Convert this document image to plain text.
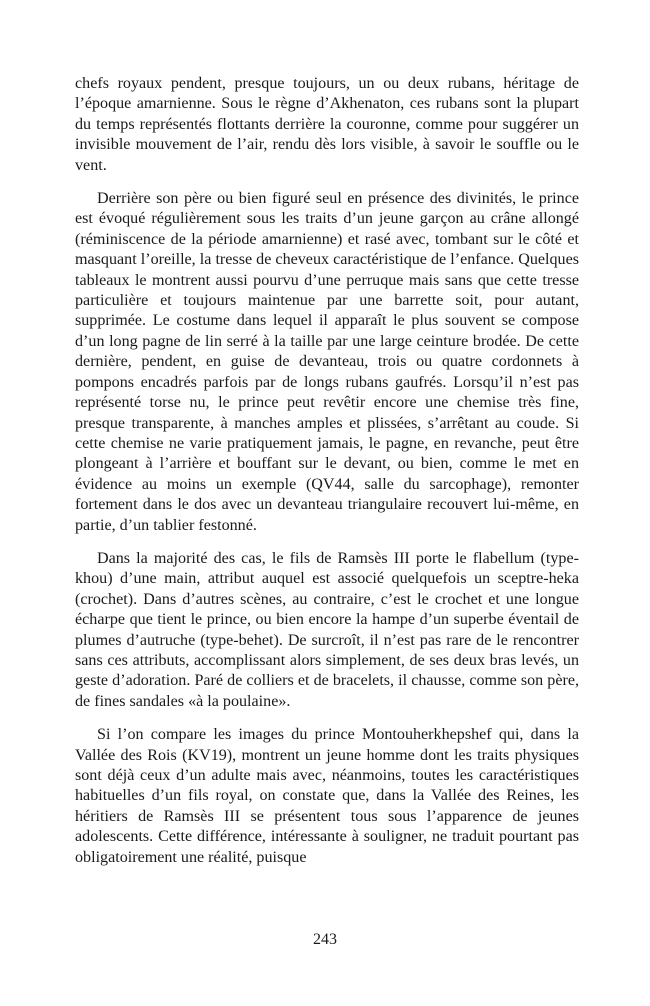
chefs royaux pendent, presque toujours, un ou deux rubans, héritage de l’époque amarnienne. Sous le règne d’Akhenaton, ces rubans sont la plupart du temps représentés flottants derrière la couronne, comme pour suggérer un invisible mouvement de l’air, rendu dès lors visible, à savoir le souffle ou le vent.

Derrière son père ou bien figuré seul en présence des divinités, le prince est évoqué régulièrement sous les traits d’un jeune garçon au crâne allongé (réminiscence de la période amarnienne) et rasé avec, tombant sur le côté et masquant l’oreille, la tresse de cheveux caractéristique de l’enfance. Quelques tableaux le montrent aussi pourvu d’une perruque mais sans que cette tresse particulière et toujours maintenue par une barrette soit, pour autant, supprimée. Le costume dans lequel il apparaît le plus souvent se compose d’un long pagne de lin serré à la taille par une large ceinture brodée. De cette dernière, pendent, en guise de devanteau, trois ou quatre cordonnets à pompons encadrés parfois par de longs rubans gaufrés. Lorsqu’il n’est pas représenté torse nu, le prince peut revêtir encore une chemise très fine, presque transparente, à manches amples et plissées, s’arrêtant au coude. Si cette chemise ne varie pratiquement jamais, le pagne, en revanche, peut être plongeant à l’arrière et bouffant sur le devant, ou bien, comme le met en évidence au moins un exemple (QV44, salle du sarcophage), remonter fortement dans le dos avec un devanteau triangulaire recouvert lui-même, en partie, d’un tablier festonné.

Dans la majorité des cas, le fils de Ramsès III porte le flabellum (type-khou) d’une main, attribut auquel est associé quelquefois un sceptre-heka (crochet). Dans d’autres scènes, au contraire, c’est le crochet et une longue écharpe que tient le prince, ou bien encore la hampe d’un superbe éventail de plumes d’autruche (type-behet). De surcroît, il n’est pas rare de le rencontrer sans ces attributs, accomplissant alors simplement, de ses deux bras levés, un geste d’adoration. Paré de colliers et de bracelets, il chausse, comme son père, de fines sandales «à la poulaine».

Si l’on compare les images du prince Montouherkhepshef qui, dans la Vallée des Rois (KV19), montrent un jeune homme dont les traits physiques sont déjà ceux d’un adulte mais avec, néanmoins, toutes les caractéristiques habituelles d’un fils royal, on constate que, dans la Vallée des Reines, les héritiers de Ramsès III se présentent tous sous l’apparence de jeunes adolescents. Cette différence, intéressante à souligner, ne traduit pourtant pas obligatoirement une réalité, puisque

243
